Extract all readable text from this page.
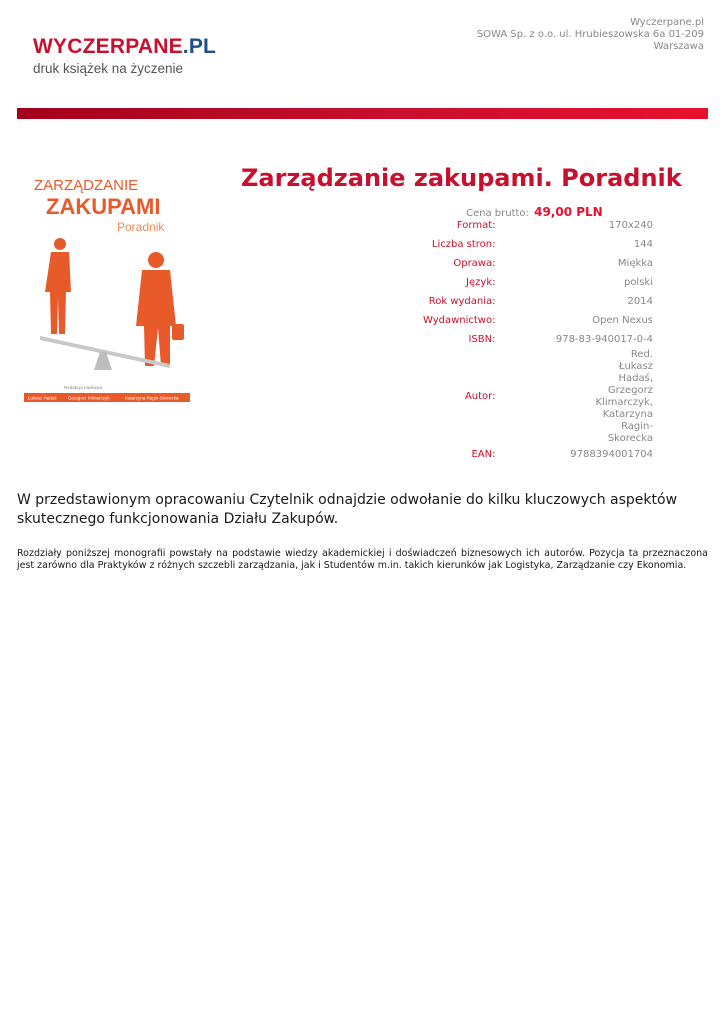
WYCZERPANE.PL
druk książek na życzenie
Wyczerpane.pl
SOWA Sp. z o.o. ul. Hrubieszowska 6a 01-209
Warszawa
ZARZĄDZANIE
ZAKUPAMI
Poradnik
Redakcja naukowa
Łukasz Hadaś	Grzegorz Klimarczyk	Katarzyna Ragin-Skorecka
Zarządzanie zakupami. Poradnik
Cena brutto: 49,00 PLN
Format:	170x240
Liczba stron:	144
Oprawa:	Miękka
Język:	polski
Rok wydania:	2014
Wydawnictwo:	Open Nexus
ISBN:	978-83-940017-0-4
Autor:	Red. Łukasz Hadaś, Grzegorz Klimarczyk, Katarzyna Ragin-Skorecka
EAN:	9788394001704
W przedstawionym opracowaniu Czytelnik odnajdzie odwołanie do kilku kluczowych aspektów skutecznego funkcjonowania Działu Zakupów.
Rozdziały poniższej monografii powstały na podstawie wiedzy akademickiej i doświadczeń biznesowych ich autorów. Pozycja ta przeznaczona jest zarówno dla Praktyków z różnych szczebli zarządzania, jak i Studentów m.in. takich kierunków jak Logistyka, Zarządzanie czy Ekonomia.
